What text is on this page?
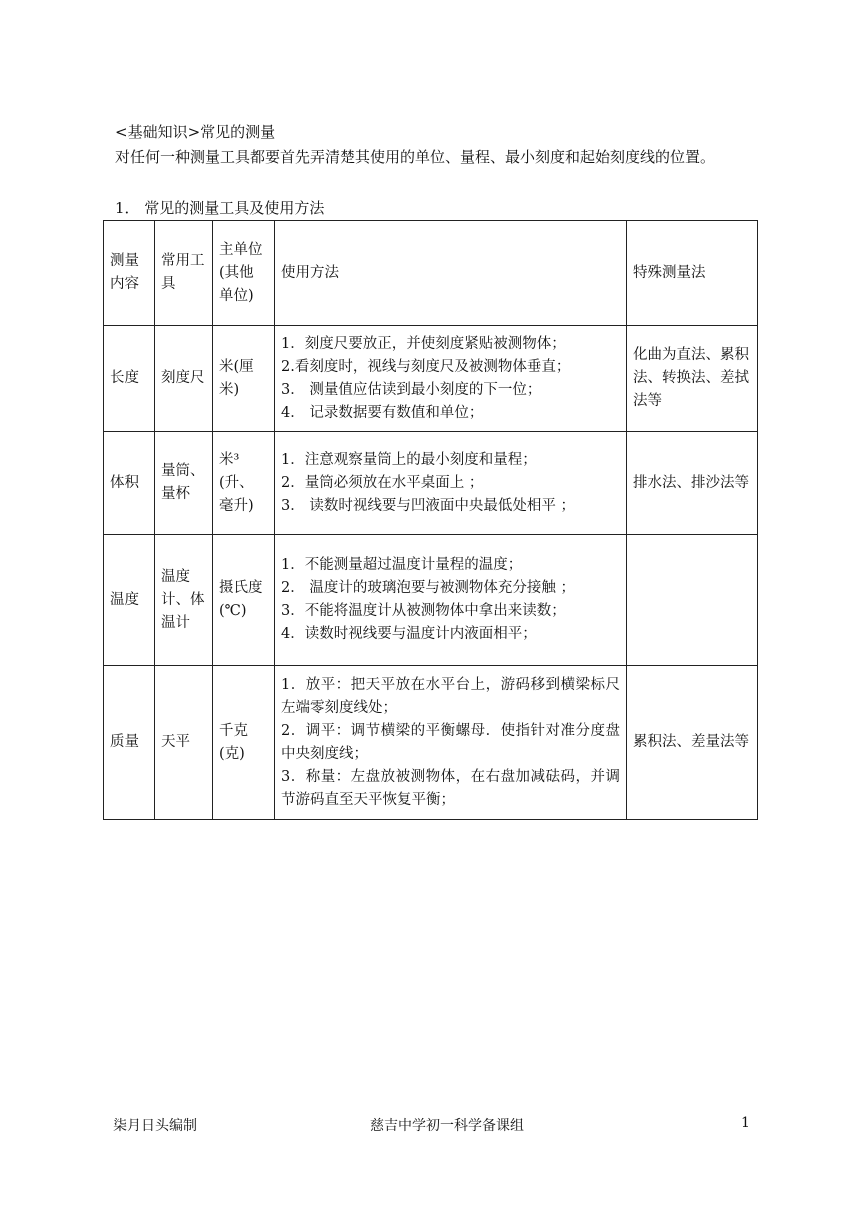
<基础知识>常见的测量
对任何一种测量工具都要首先弄清楚其使用的单位、量程、最小刻度和起始刻度线的位置。
1． 常见的测量工具及使用方法
测量内容	常用工具	主单位(其他单位)	使用方法	特殊测量法
长度	刻度尺	米(厘米)	1．刻度尺要放正，并使刻度紧贴被测物体；

2.看刻度时，视线与刻度尺及被测物体垂直；

3． 测量值应估读到最小刻度的下一位；

4． 记录数据要有数值和单位；	化曲为直法、累积法、转换法、差拭法等
体积	量筒、量杯	米³(升、毫升)	1．注意观察量筒上的最小刻度和量程；

2．量筒必须放在水平桌面上 ；

3． 读数时视线要与凹液面中央最低处相平 ；	排水法、排沙法等
温度	温度计、体温计	摄氏度(℃)	1．不能测量超过温度计量程的温度；

2． 温度计的玻璃泡要与被测物体充分接触 ；

3．不能将温度计从被测物体中拿出来读数；

4．读数时视线要与温度计内液面相平；	

质量	天平	千克(克)	1．放平：把天平放在水平台上，游码移到横梁标尺左端零刻度线处；

2．调平：调节横梁的平衡螺母．使指针对准分度盘中央刻度线；

3．称量：左盘放被测物体，在右盘加减砝码，并调节游码直至天平恢复平衡；	累积法、差量法等
柒月日头编制	慈吉中学初一科学备课组	1
